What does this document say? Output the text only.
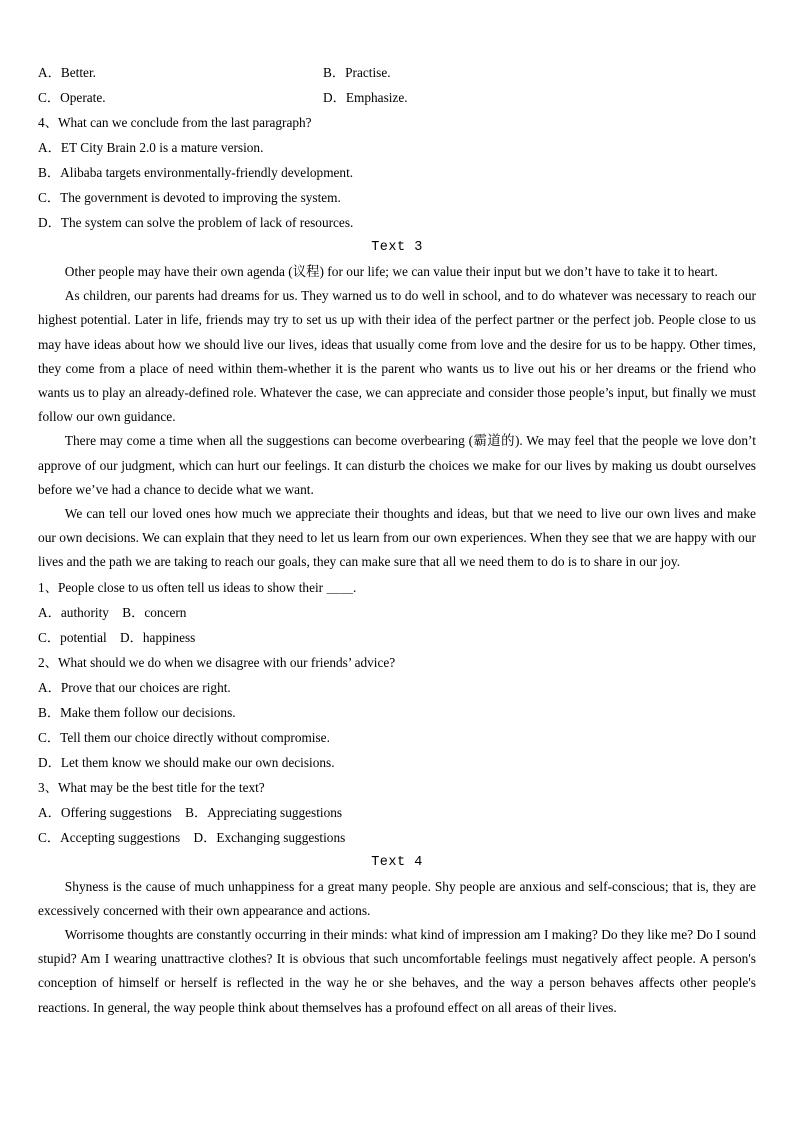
A．Better.	B．Practise.
C．Operate.	D．Emphasize.
4、What can we conclude from the last paragraph?
A．ET City Brain 2.0 is a mature version.
B．Alibaba targets environmentally-friendly development.
C．The government is devoted to improving the system.
D．The system can solve the problem of lack of resources.
Text 3

Other people may have their own agenda (议程) for our life; we can value their input but we don’t have to take it to heart.

As children, our parents had dreams for us. They warned us to do well in school, and to do whatever was necessary to reach our highest potential. Later in life, friends may try to set us up with their idea of the perfect partner or the perfect job. People close to us may have ideas about how we should live our lives, ideas that usually come from love and the desire for us to be happy. Other times, they come from a place of need within them-whether it is the parent who wants us to live out his or her dreams or the friend who wants us to play an already-defined role. Whatever the case, we can appreciate and consider those people’s input, but finally we must follow our own guidance.

There may come a time when all the suggestions can become overbearing (霸道的). We may feel that the people we love don’t approve of our judgment, which can hurt our feelings. It can disturb the choices we make for our lives by making us doubt ourselves before we’ve had a chance to decide what we want.

We can tell our loved ones how much we appreciate their thoughts and ideas, but that we need to live our own lives and make our own decisions. We can explain that they need to let us learn from our own experiences. When they see that we are happy with our lives and the path we are taking to reach our goals, they can make sure that all we need them to do is to share in our joy.

1、People close to us often tell us ideas to show their ＿＿.
A．authority　B．concern
C．potential　D．happiness
2、What should we do when we disagree with our friends’ advice?
A．Prove that our choices are right.
B．Make them follow our decisions.
C．Tell them our choice directly without compromise.
D．Let them know we should make our own decisions.
3、What may be the best title for the text?
A．Offering suggestions　B．Appreciating suggestions
C．Accepting suggestions　D．Exchanging suggestions
Text 4

Shyness is the cause of much unhappiness for a great many people. Shy people are anxious and self-conscious; that is, they are excessively concerned with their own appearance and actions.

Worrisome thoughts are constantly occurring in their minds: what kind of impression am I making? Do they like me? Do I sound stupid? Am I wearing unattractive clothes? It is obvious that such uncomfortable feelings must negatively affect people. A person's conception of himself or herself is reflected in the way he or she behaves, and the way a person behaves affects other people's reactions. In general, the way people think about themselves has a profound effect on all areas of their lives.
